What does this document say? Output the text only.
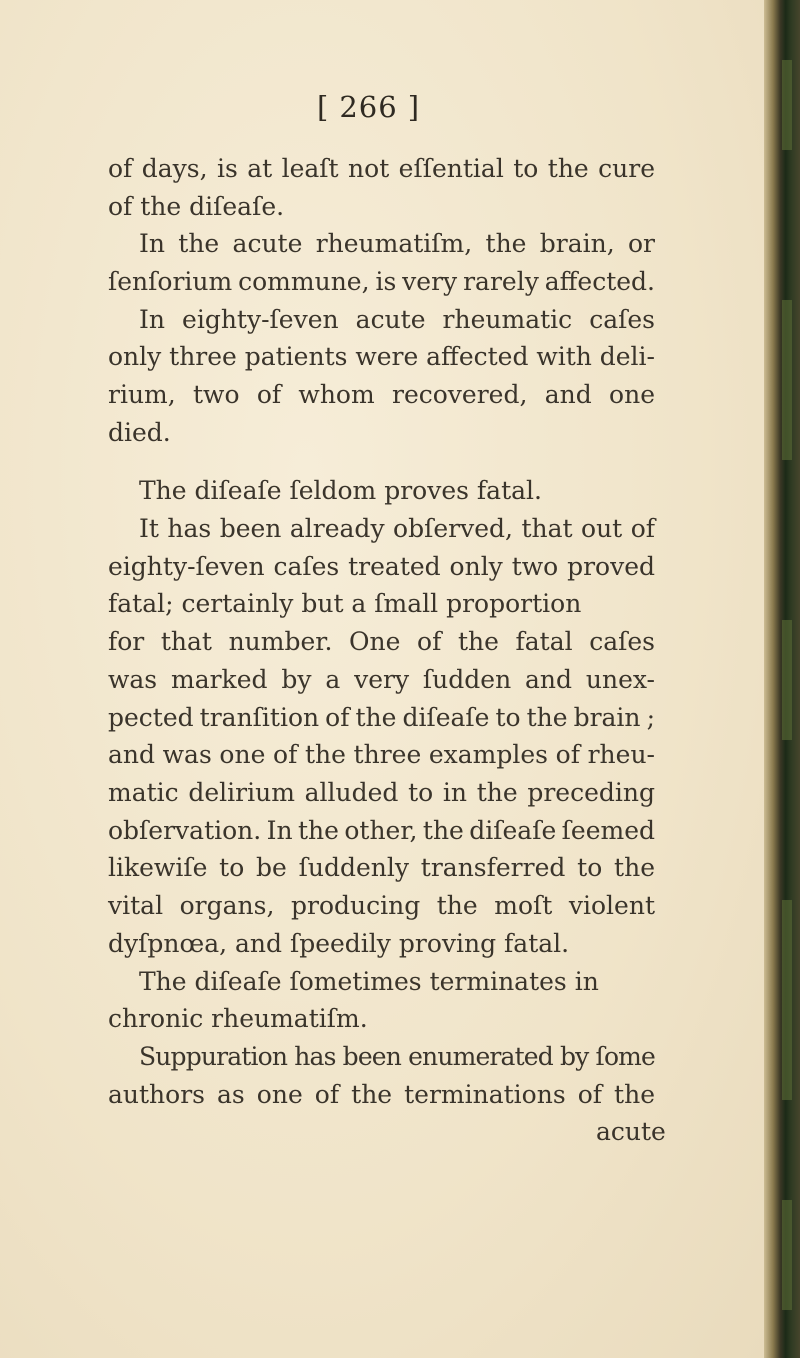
[ 266 ]
of days, is at leaſt not eſſential to the cure
of the diſeaſe.
In the acute rheumatiſm, the brain, or
ſenſorium commune, is very rarely affected.
In eighty-ſeven acute rheumatic caſes
only three patients were affected with deli-
rium, two of whom recovered, and one
died.
The diſeaſe ſeldom proves fatal.
It has been already obſerved, that out of
eighty-ſeven caſes treated only two proved
fatal; certainly but a ſmall proportion
for that number. One of the fatal caſes
was marked by a very ſudden and unex-
pected tranſition of the diſeaſe to the brain ;
and was one of the three examples of rheu-
matic delirium alluded to in the preceding
obſervation. In the other, the diſeaſe ſeemed
likewiſe to be ſuddenly transferred to the
vital organs, producing the moſt violent
dyſpnœa, and ſpeedily proving fatal.
The diſeaſe ſometimes terminates in
chronic rheumatiſm.
Suppuration has been enumerated by ſome
authors as one of the terminations of the
acute
